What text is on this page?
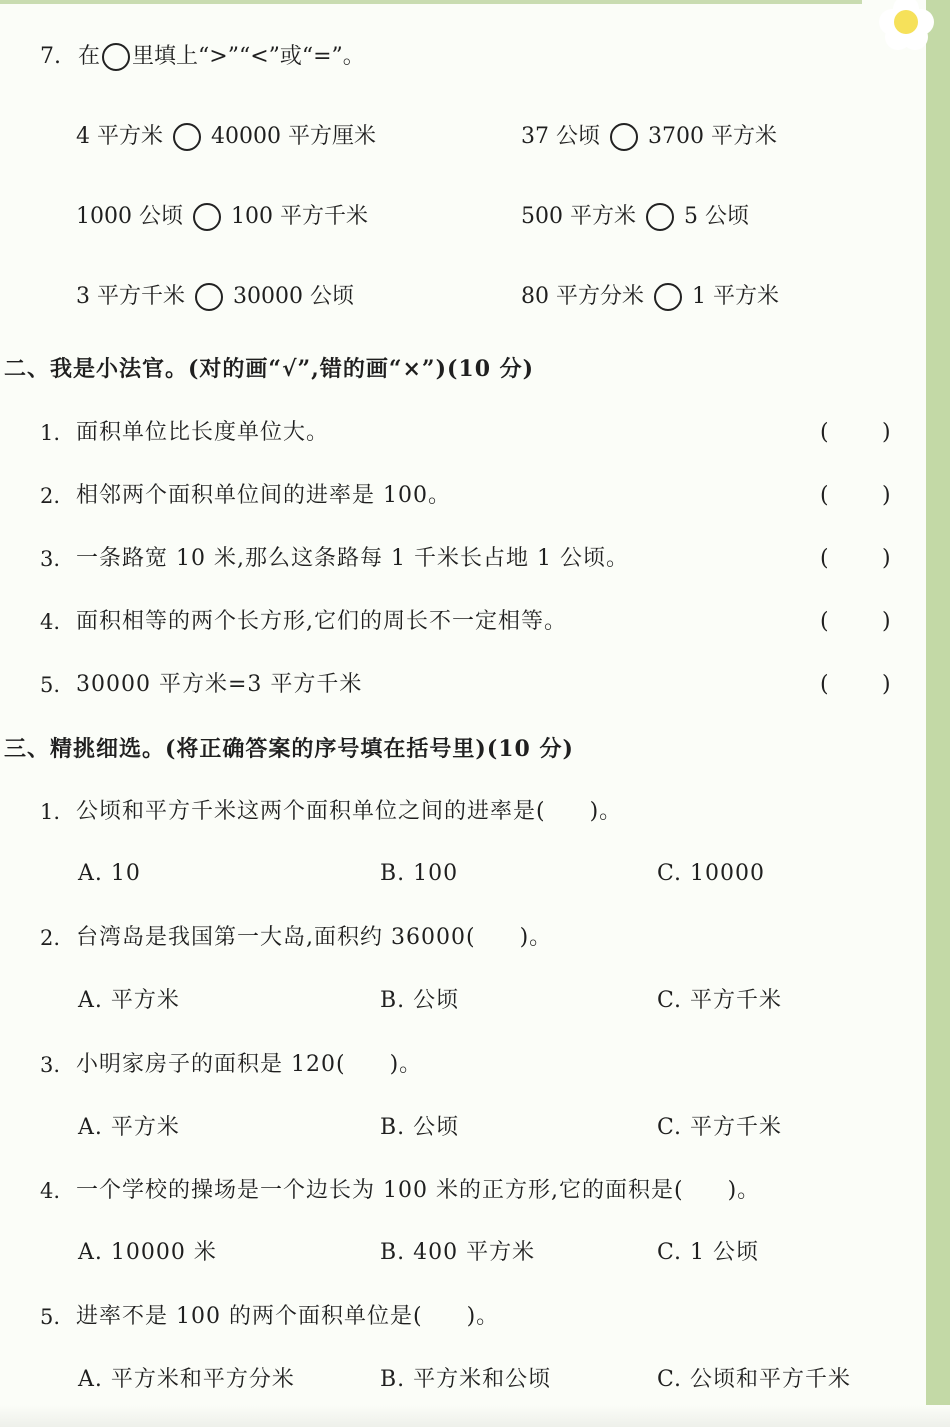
7. 在 里填上“>”“<”或“=”。
4 平方米 40000 平方厘米	37 公顷 3700 平方米
1000 公顷 100 平方千米	500 平方米 5 公顷
3 平方千米 30000 公顷	80 平方分米 1 平方米
二、我是小法官。(对的画“√”,错的画“×”)(10 分)
1. 面积单位比长度单位大。	( )
2. 相邻两个面积单位间的进率是 100。	( )
3. 一条路宽 10 米,那么这条路每 1 千米长占地 1 公顷。	( )
4. 面积相等的两个长方形,它们的周长不一定相等。	( )
5. 30000 平方米=3 平方千米	( )
三、精挑细选。(将正确答案的序号填在括号里)(10 分)
1. 公顷和平方千米这两个面积单位之间的进率是( )。
A. 10	B. 100	C. 10000
2. 台湾岛是我国第一大岛,面积约 36000( )。
A. 平方米	B. 公顷	C. 平方千米
3. 小明家房子的面积是 120( )。
A. 平方米	B. 公顷	C. 平方千米
4. 一个学校的操场是一个边长为 100 米的正方形,它的面积是( )。
A. 10000 米	B. 400 平方米	C. 1 公顷
5. 进率不是 100 的两个面积单位是( )。
A. 平方米和平方分米	B. 平方米和公顷	C. 公顷和平方千米
